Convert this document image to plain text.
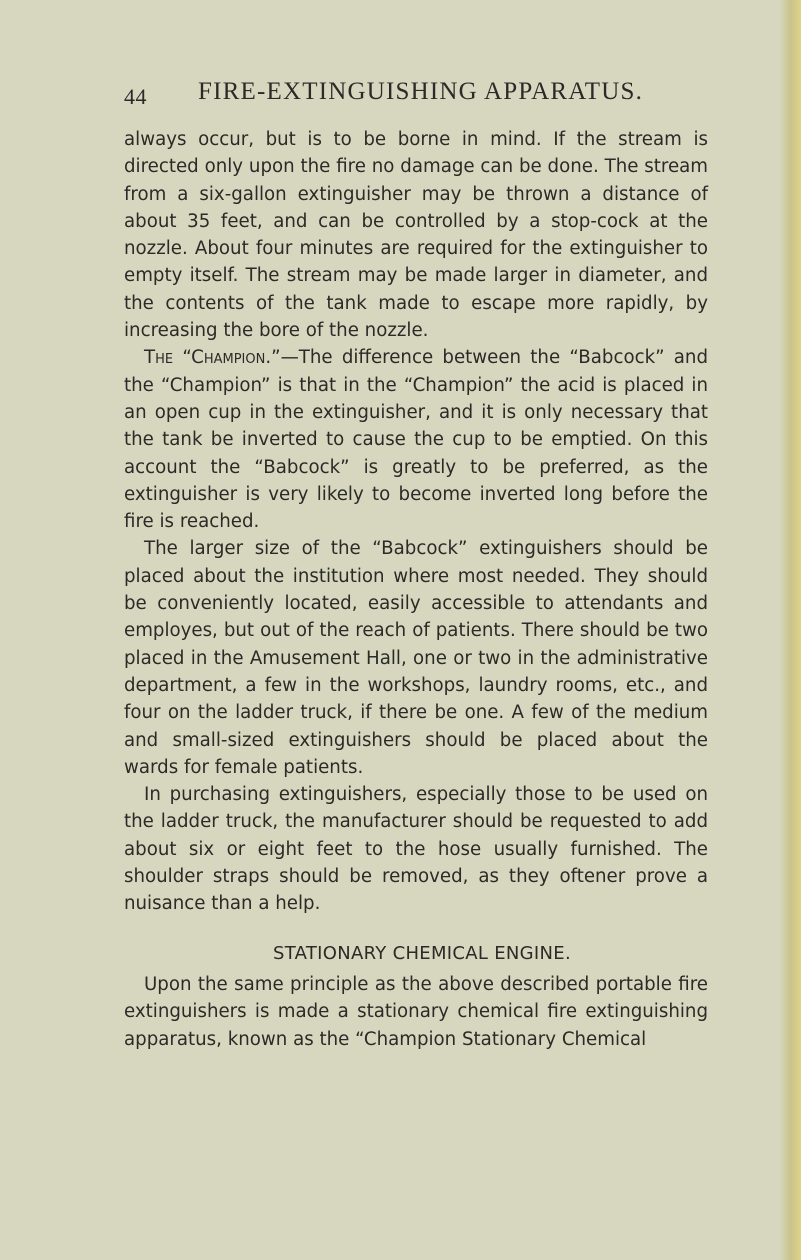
44 FIRE-EXTINGUISHING APPARATUS.

always occur, but is to be borne in mind. If the stream is directed only upon the fire no damage can be done. The stream from a six-gallon extinguisher may be thrown a distance of about 35 feet, and can be controlled by a stop-cock at the nozzle. About four minutes are required for the extinguisher to empty itself. The stream may be made larger in diameter, and the contents of the tank made to escape more rapidly, by increasing the bore of the nozzle.

The “Champion.”—The difference between the “Babcock” and the “Champion” is that in the “Champion” the acid is placed in an open cup in the extinguisher, and it is only necessary that the tank be inverted to cause the cup to be emptied. On this account the “Babcock” is greatly to be preferred, as the extinguisher is very likely to become inverted long before the fire is reached.

The larger size of the “Babcock” extinguishers should be placed about the institution where most needed. They should be conveniently located, easily accessible to attendants and employes, but out of the reach of patients. There should be two placed in the Amusement Hall, one or two in the administrative department, a few in the workshops, laundry rooms, etc., and four on the ladder truck, if there be one. A few of the medium and small-sized extinguishers should be placed about the wards for female patients.

In purchasing extinguishers, especially those to be used on the ladder truck, the manufacturer should be requested to add about six or eight feet to the hose usually furnished. The shoulder straps should be removed, as they oftener prove a nuisance than a help.

STATIONARY CHEMICAL ENGINE.

Upon the same principle as the above described portable fire extinguishers is made a stationary chemical fire extinguishing apparatus, known as the “Champion Stationary Chemical
